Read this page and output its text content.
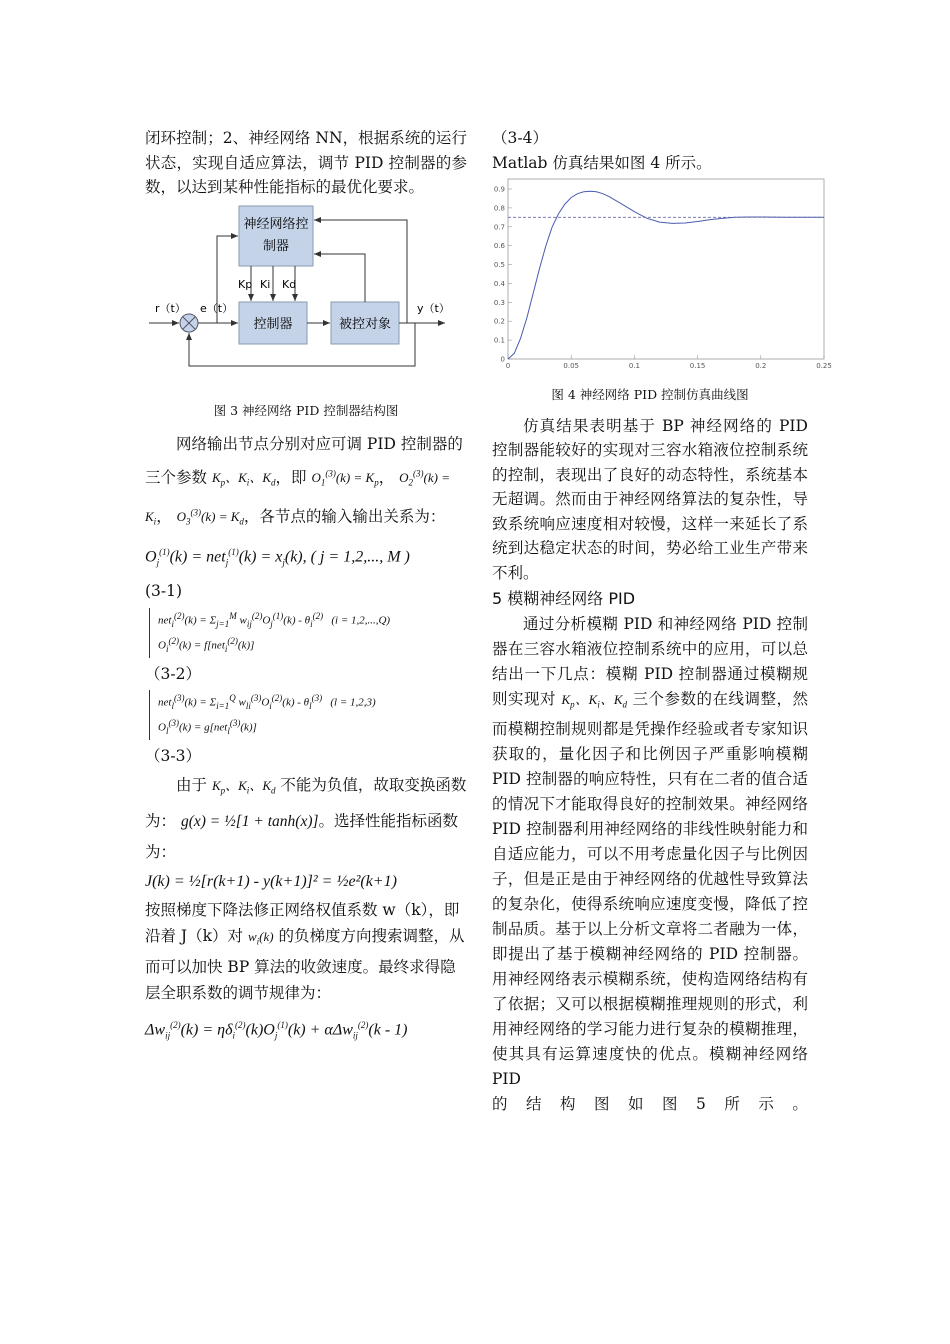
闭环控制；2、神经网络 NN，根据系统的运行状态，实现自适应算法，调节 PID 控制器的参数，以达到某种性能指标的最优化要求。

神经网络控
制器
控制器	被控对象
Kp Ki Kd
r（t） e（t）	y（t）

图 3 神经网络 PID 控制器结构图

网络输出节点分别对应可调 PID 控制器的三个参数 $K_p$、$K_i$、$K_d$，即 $O_1^{(3)}(k) = K_p$， $O_2^{(3)}(k) = K_i$， $O_3^{(3)}(k) = K_d$，各节点的输入输出关系为：

$O_j^{(1)}(k) = net_j^{(1)}(k) = x_j(k)$, ( j = 1,2,..., M )

(3-1)

$net_i^{(2)}(k) = \Sigma_{j=1}^M$ $w_{ij}^{(2)}O_j^{(1)}(k) - \theta_i^{(2)}$   (i = 1,2,...,Q)
$O_i^{(2)}(k) = f[net_i^{(2)}(k)]$

（3-2）

$net_l^{(3)}(k) = \Sigma_{i=1}^Q$ $w_{li}^{(3)}O_i^{(2)}(k) - \theta_l^{(3)}$   (l = 1,2,3)
$O_l^{(3)}(k) = g[net_l^{(3)}(k)]$

（3-3）

由于 $K_p$、$K_i$、$K_d$ 不能为负值，故取变换函数为： g(x) = ½[1 + tanh(x)]。选择性能指标函数为：

J(k) = ½[r(k+1) - y(k+1)]² = ½e²(k+1)

按照梯度下降法修正网络权值系数 w（k），即沿着 J（k）对 $w_i(k)$ 的负梯度方向搜索调整，从而可以加快 BP 算法的收敛速度。最终求得隐层全职系数的调节规律为：

$\Delta w_{ij}^{(2)}(k) = \eta\delta_i^{(2)}(k)O_j^{(1)}(k) + \alpha\Delta w_{ij}^{(2)}(k - 1)$

（3-4）

Matlab 仿真结果如图 4 所示。

0
0.1
0.2
0.3
0.4
0.5
0.6
0.7
0.8
0.9
0	0.05	0.1	0.15	0.2	0.25

图 4 神经网络 PID 控制仿真曲线图

仿真结果表明基于 BP 神经网络的 PID 控制器能较好的实现对三容水箱液位控制系统的控制，表现出了良好的动态特性，系统基本无超调。然而由于神经网络算法的复杂性，导致系统响应速度相对较慢，这样一来延长了系统到达稳定状态的时间，势必给工业生产带来不利。

5 模糊神经网络 PID

通过分析模糊 PID 和神经网络 PID 控制器在三容水箱液位控制系统中的应用，可以总结出一下几点：模糊 PID 控制器通过模糊规则实现对 $K_p$、$K_i$、$K_d$ 三个参数的在线调整，然而模糊控制规则都是凭操作经验或者专家知识获取的，量化因子和比例因子严重影响模糊 PID 控制器的响应特性，只有在二者的值合适的情况下才能取得良好的控制效果。神经网络 PID 控制器利用神经网络的非线性映射能力和自适应能力，可以不用考虑量化因子与比例因子，但是正是由于神经网络的优越性导致算法的复杂化，使得系统响应速度变慢，降低了控制品质。基于以上分析文章将二者融为一体，即提出了基于模糊神经网络的 PID 控制器。用神经网络表示模糊系统，使构造网络结构有了依据；又可以根据模糊推理规则的形式，利用神经网络的学习能力进行复杂的模糊推理，使其具有运算速度快的优点。模糊神经网络 PID

的 结 构 图 如 图 5 所 示 。
